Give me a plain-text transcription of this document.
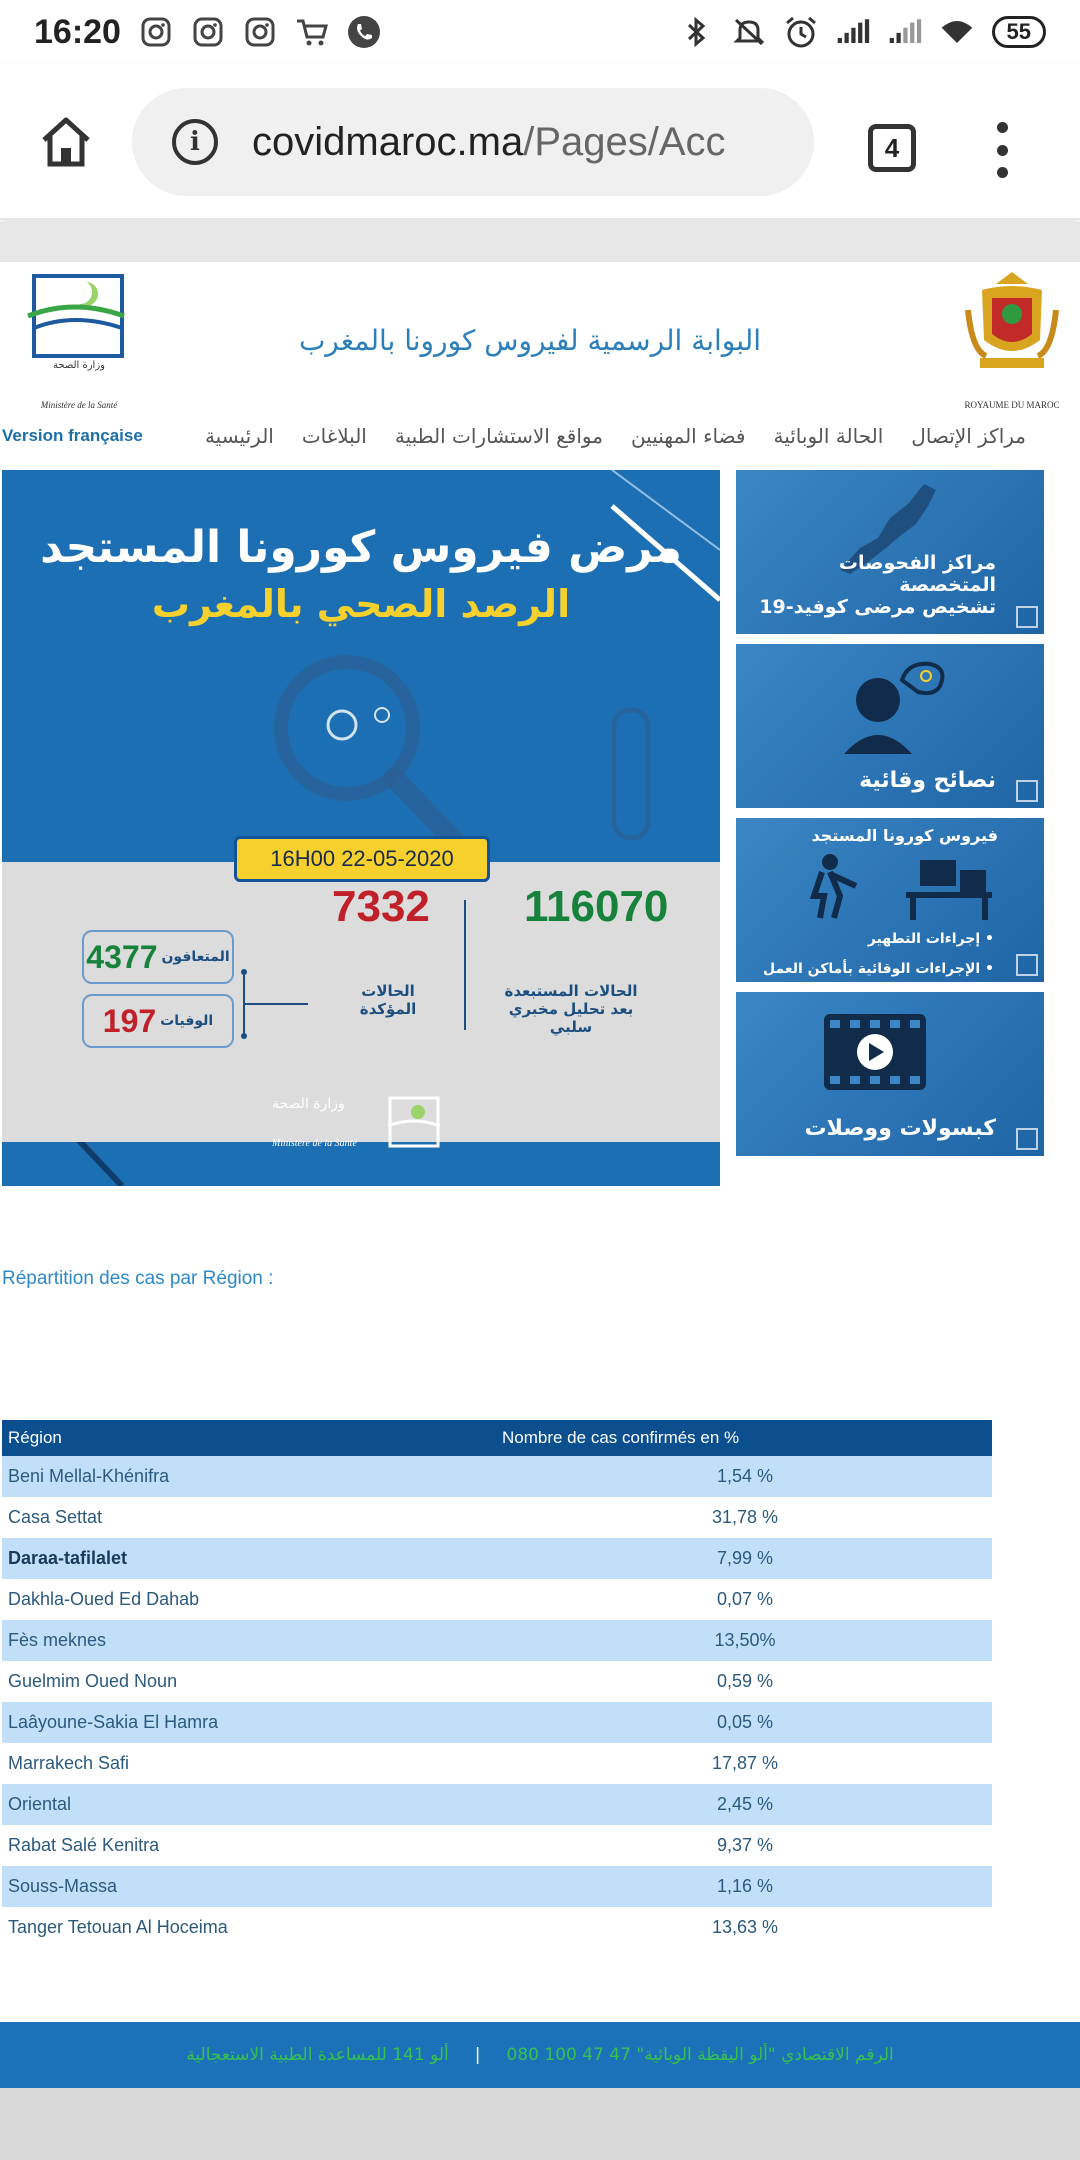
16:20	55
i	covidmaroc.ma/Pages/Acc	4
وزارة الصحة
Ministère de la Santé
البوابة الرسمية لفيروس كورونا بالمغرب
ROYAUME DU MAROC
Version française	الرئيسية البلاغات مواقع الاستشارات الطبية فضاء المهنيين الحالة الوبائية مراكز الإتصال
مرض فيروس كورونا المستجد
الرصد الصحي بالمغرب
16H00 22-05-2020
116070
الحالات المستبعدة بعد تحليل مخبري سلبي
7332
الحالات المؤكدة
المتعافون
4377
الوفيات
197
وزارة الصحة
Ministère de la Santé
مراكز الفحوصات المتخصصة
تشخيص مرضى كوفيد-19
نصائح وقائية
فيروس كورونا المستجد
• إجراءات التطهير
• الإجراءات الوقائية بأماكن العمل
كبسولات ووصلات
Répartition des cas par Région :
Région	Nombre de cas confirmés en %
Beni Mellal-Khénifra	1,54 %
Casa Settat	31,78 %
Daraa-tafilalet	7,99 %
Dakhla-Oued Ed Dahab	0,07 %
Fès meknes	13,50%
Guelmim Oued Noun	0,59 %
Laâyoune-Sakia El Hamra	0,05 %
Marrakech Safi	17,87 %
Oriental	2,45 %
Rabat Salé Kenitra	9,37 %
Souss-Massa	1,16 %
Tanger Tetouan Al Hoceima	13,63 %
الرقم الاقتصادي "ألو اليقظة الوبائية" 47 47 100 080
|
ألو 141 للمساعدة الطبية الاستعجالية
